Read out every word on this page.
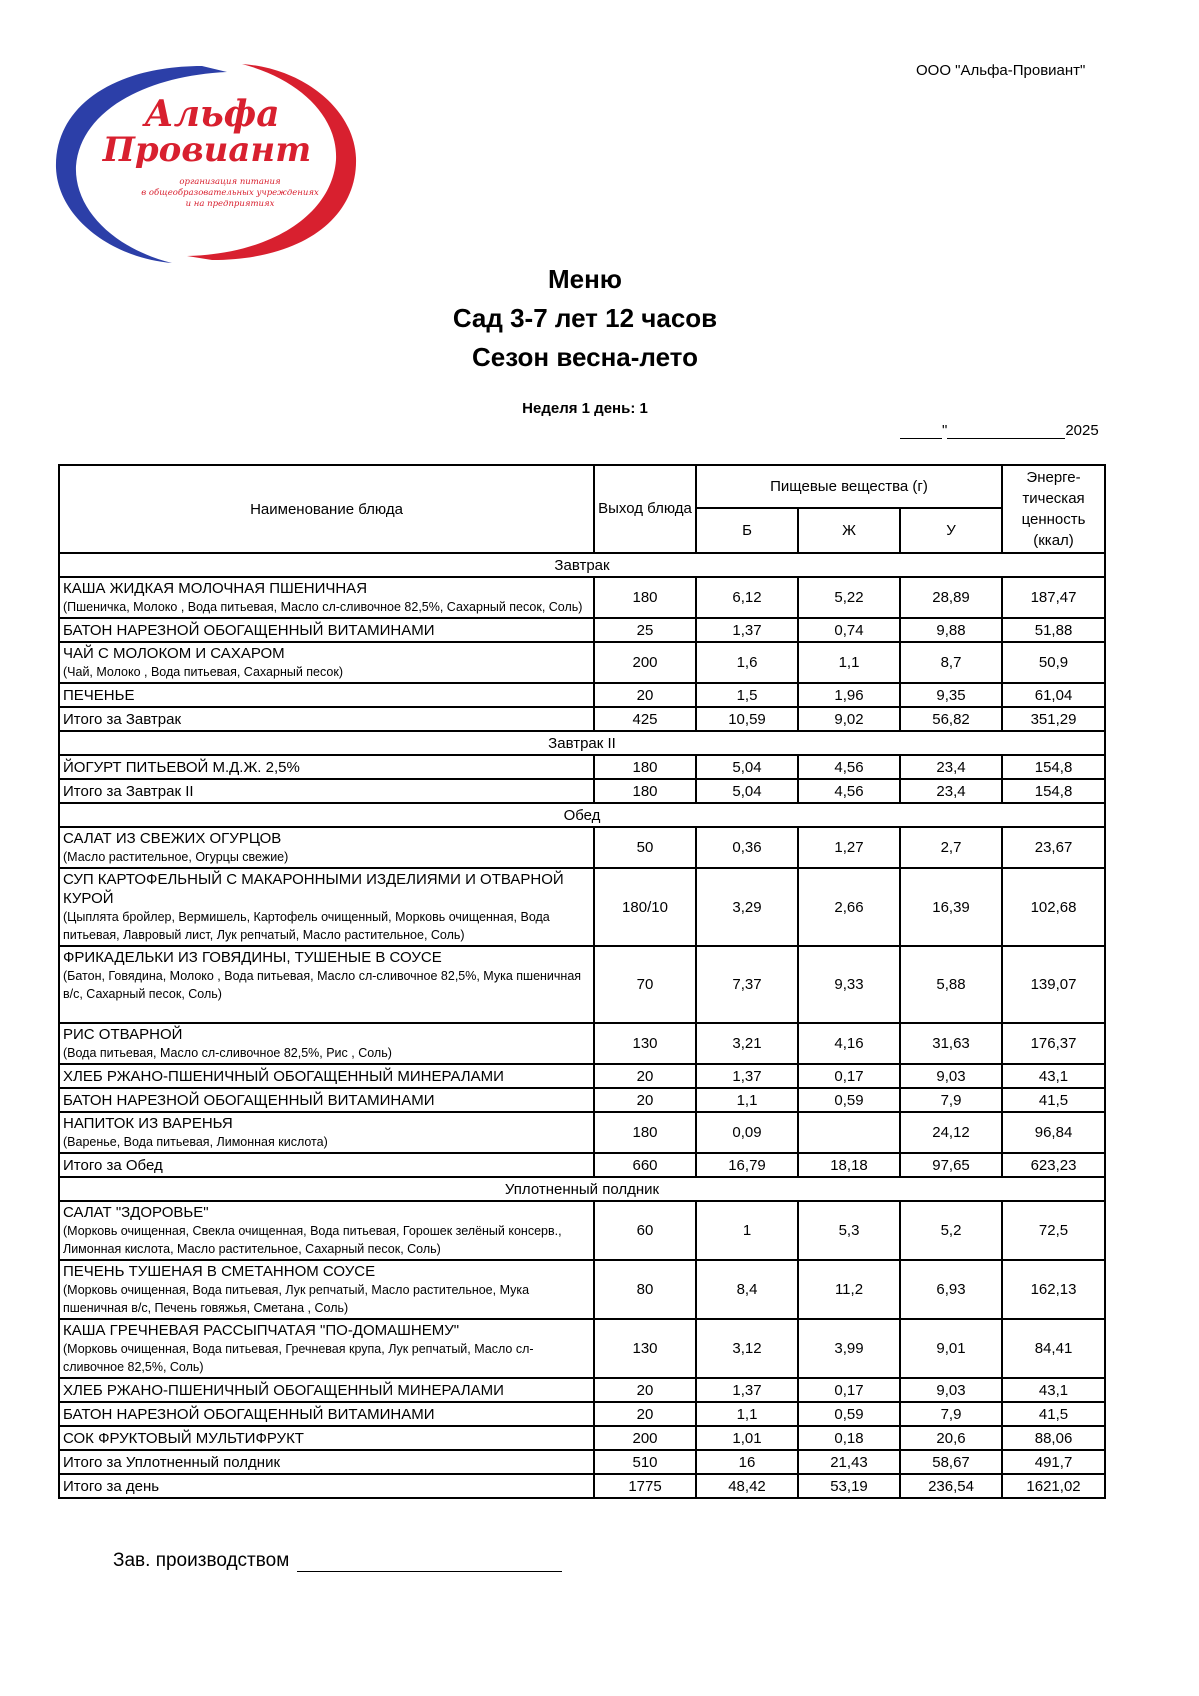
Альфа
Провиант
организация питания
в общеобразовательных учреждениях
и на предприятиях
ООО "Альфа-Провиант"
Меню
Сад 3-7 лет 12 часов
Сезон весна-лето
Неделя 1 день: 1
"	2025
Наименование блюда	Выход блюда	Пищевые вещества (г)			Энерге-тическая ценность (ккал)
		Б	Ж	У	
Завтрак					

КАША ЖИДКАЯ МОЛОЧНАЯ ПШЕНИЧНАЯ
(Пшеничка, Молоко , Вода питьевая, Масло сл-сливочное 82,5%, Сахарный песок, Соль)	180	6,12	5,22	28,89	187,47

БАТОН НАРЕЗНОЙ ОБОГАЩЕННЫЙ ВИТАМИНАМИ	25	1,37	0,74	9,88	51,88

ЧАЙ С МОЛОКОМ И САХАРОМ
(Чай, Молоко , Вода питьевая, Сахарный песок)	200	1,6	1,1	8,7	50,9

ПЕЧЕНЬЕ	20	1,5	1,96	9,35	61,04

Итого за Завтрак	425	10,59	9,02	56,82	351,29
Завтрак II					

ЙОГУРТ ПИТЬЕВОЙ М.Д.Ж. 2,5%	180	5,04	4,56	23,4	154,8

Итого за Завтрак II	180	5,04	4,56	23,4	154,8
Обед					

САЛАТ ИЗ СВЕЖИХ ОГУРЦОВ
(Масло растительное, Огурцы свежие)	50	0,36	1,27	2,7	23,67

СУП КАРТОФЕЛЬНЫЙ С МАКАРОННЫМИ ИЗДЕЛИЯМИ И ОТВАРНОЙ КУРОЙ
(Цыплята бройлер, Вермишель, Картофель очищенный, Морковь очищенная, Вода питьевая, Лавровый лист, Лук репчатый, Масло растительное, Соль)	180/10	3,29	2,66	16,39	102,68

ФРИКАДЕЛЬКИ ИЗ ГОВЯДИНЫ, ТУШЕНЫЕ В СОУСЕ
(Батон, Говядина, Молоко , Вода питьевая, Масло сл-сливочное 82,5%, Мука пшеничная в/с, Сахарный песок, Соль)	70	7,37	9,33	5,88	139,07

РИС ОТВАРНОЙ
(Вода питьевая, Масло сл-сливочное 82,5%, Рис , Соль)	130	3,21	4,16	31,63	176,37

ХЛЕБ РЖАНО-ПШЕНИЧНЫЙ ОБОГАЩЕННЫЙ МИНЕРАЛАМИ	20	1,37	0,17	9,03	43,1

БАТОН НАРЕЗНОЙ ОБОГАЩЕННЫЙ ВИТАМИНАМИ	20	1,1	0,59	7,9	41,5

НАПИТОК ИЗ ВАРЕНЬЯ
(Варенье, Вода питьевая, Лимонная кислота)	180	0,09		24,12	96,84

Итого за Обед	660	16,79	18,18	97,65	623,23
Уплотненный полдник					

САЛАТ "ЗДОРОВЬЕ"
(Морковь очищенная, Свекла очищенная, Вода питьевая, Горошек зелёный консерв., Лимонная кислота, Масло растительное, Сахарный песок, Соль)	60	1	5,3	5,2	72,5

ПЕЧЕНЬ ТУШЕНАЯ В СМЕТАННОМ СОУСЕ
(Морковь очищенная, Вода питьевая, Лук репчатый, Масло растительное, Мука пшеничная в/с, Печень говяжья, Сметана , Соль)	80	8,4	11,2	6,93	162,13

КАША ГРЕЧНЕВАЯ РАССЫПЧАТАЯ "ПО-ДОМАШНЕМУ"
(Морковь очищенная, Вода питьевая, Гречневая крупа, Лук репчатый, Масло сл-сливочное 82,5%, Соль)	130	3,12	3,99	9,01	84,41

ХЛЕБ РЖАНО-ПШЕНИЧНЫЙ ОБОГАЩЕННЫЙ МИНЕРАЛАМИ	20	1,37	0,17	9,03	43,1

БАТОН НАРЕЗНОЙ ОБОГАЩЕННЫЙ ВИТАМИНАМИ	20	1,1	0,59	7,9	41,5

СОК ФРУКТОВЫЙ МУЛЬТИФРУКТ	200	1,01	0,18	20,6	88,06

Итого за Уплотненный полдник	510	16	21,43	58,67	491,7

Итого за день	1775	48,42	53,19	236,54	1621,02
Зав. производством
